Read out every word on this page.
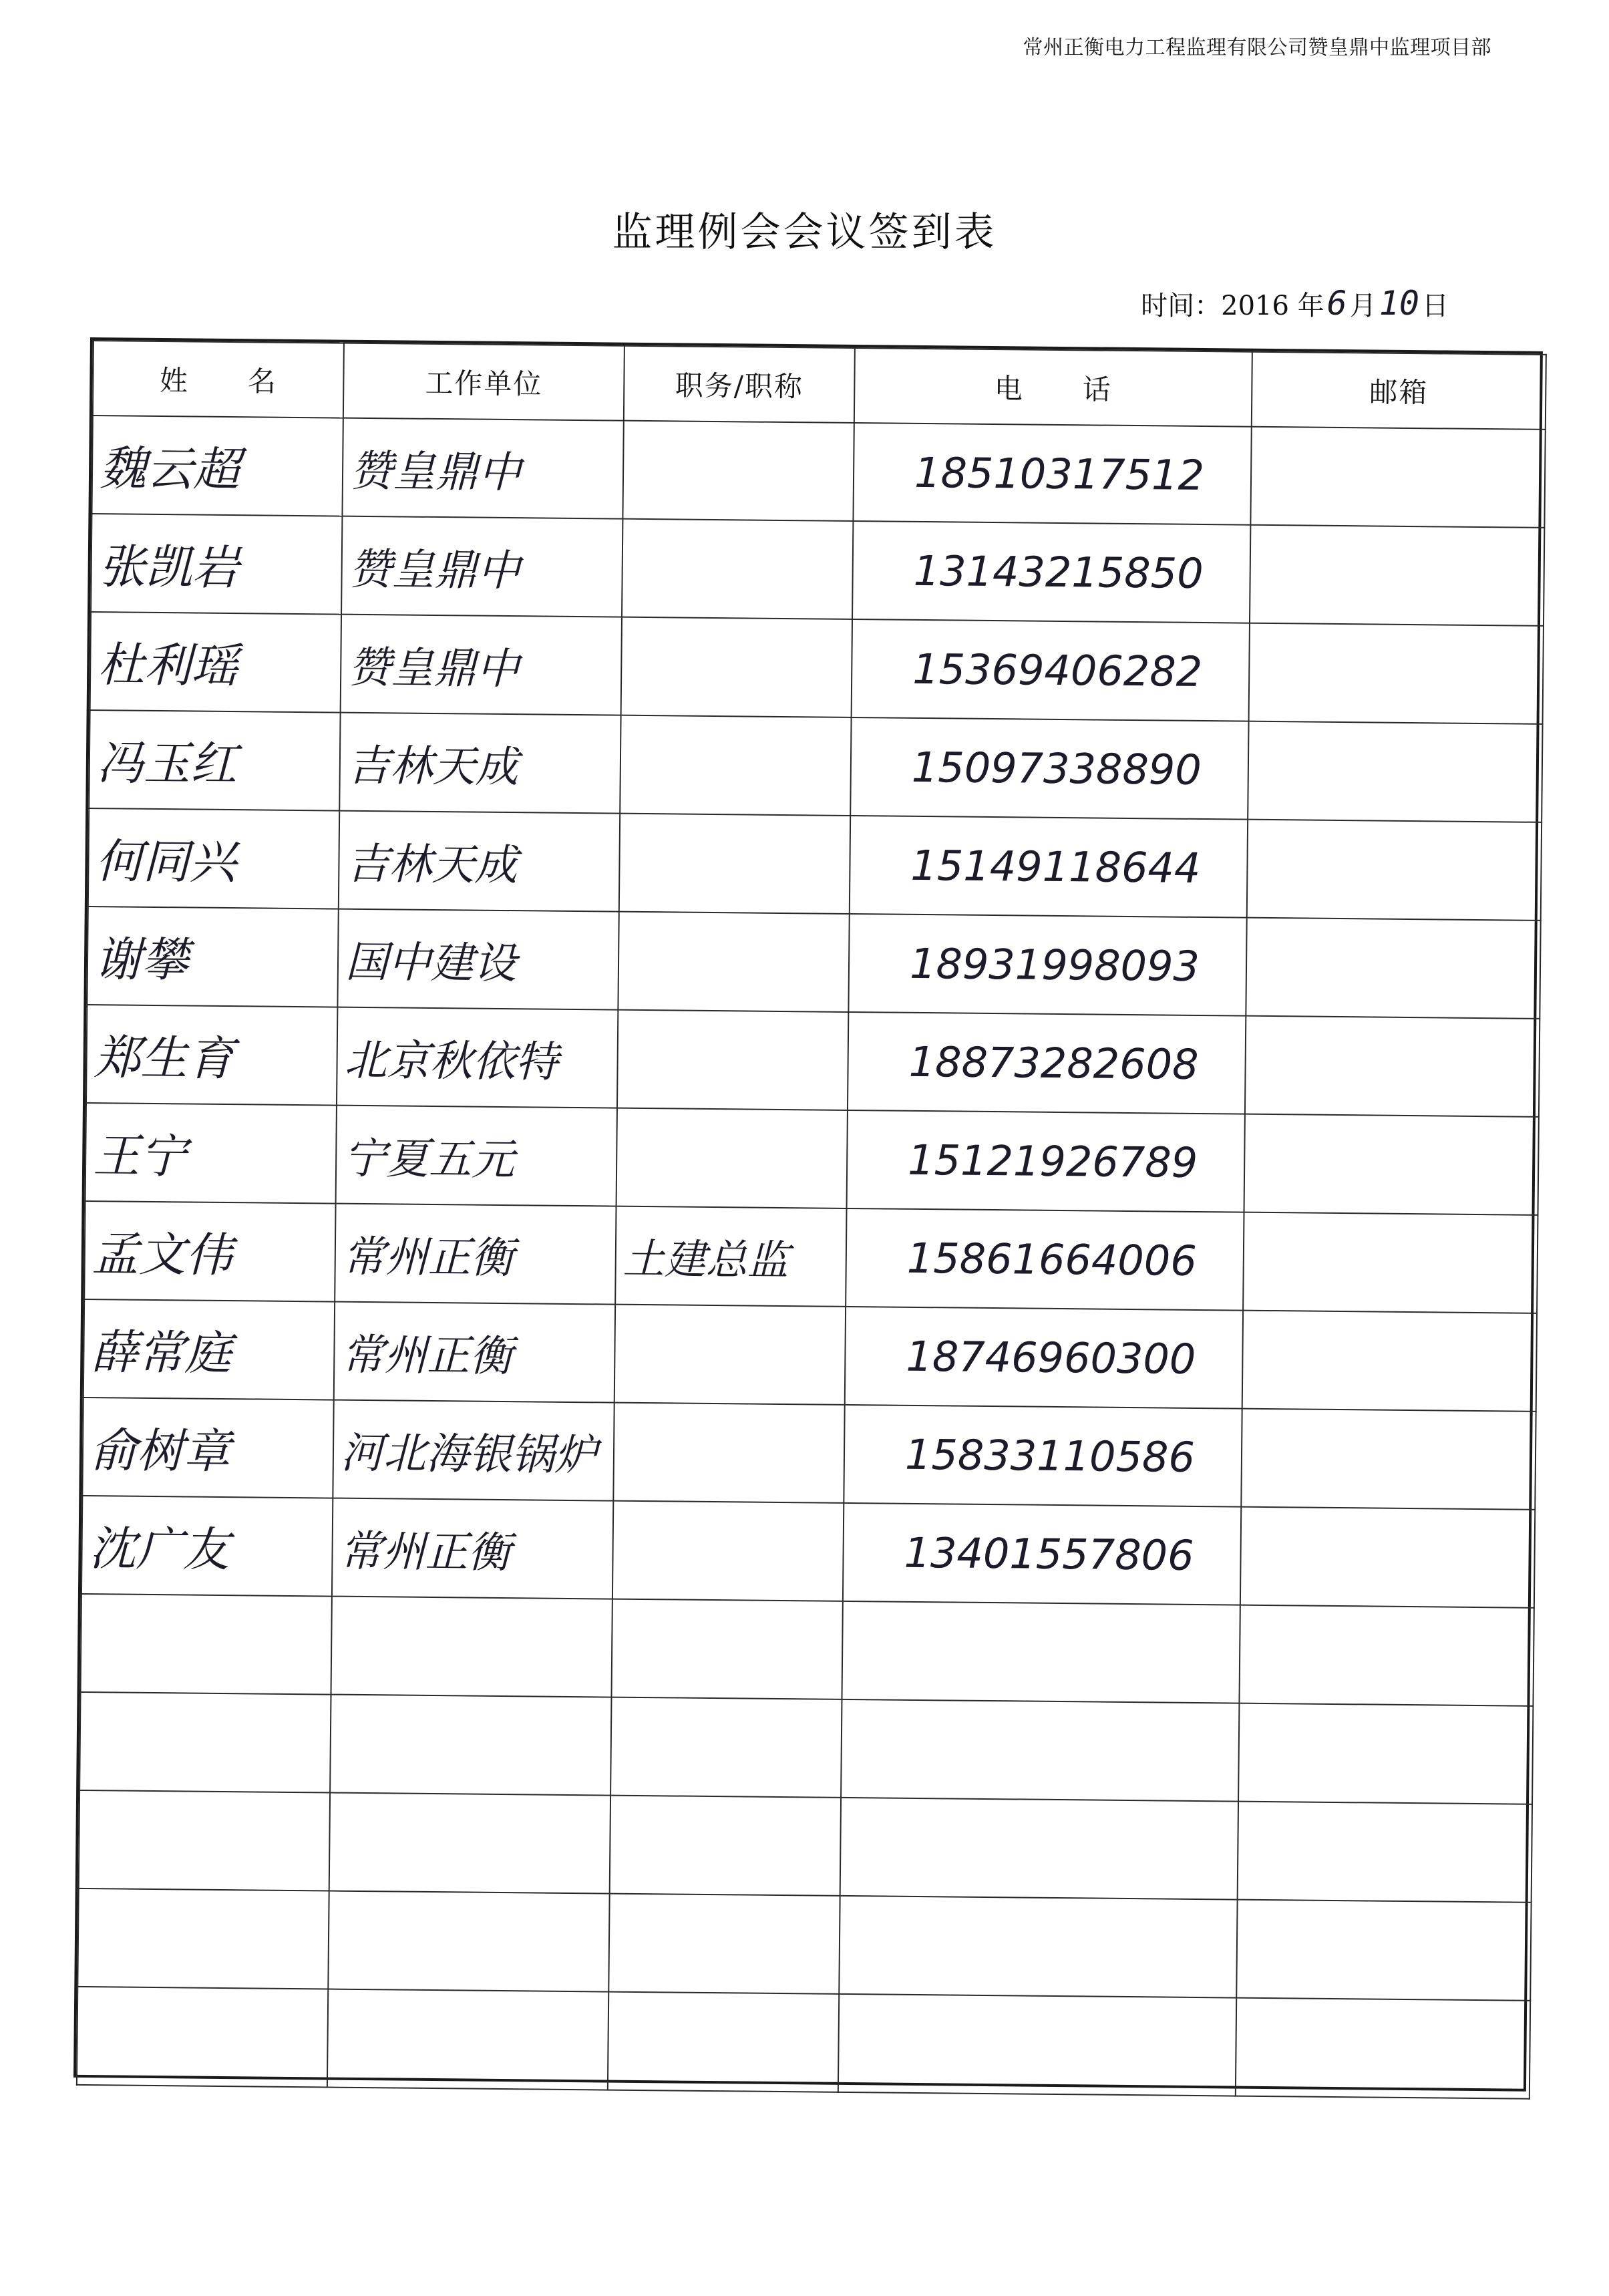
常州正衡电力工程监理有限公司赞皇鼎中监理项目部
监理例会会议签到表
时间：2016 年6 月10 日
姓　　名	工作单位	职务/职称	电　　话	邮箱
魏云超	赞皇鼎中		18510317512	
张凯岩	赞皇鼎中		13143215850	
杜利瑶	赞皇鼎中		15369406282	
冯玉红	吉林天成		15097338890	
何同兴	吉林天成		15149118644	
谢攀	国中建设		18931998093	
郑生育	北京秋依特		18873282608	
王宁	宁夏五元		15121926789	
孟文伟	常州正衡	土建总监	15861664006	
薛常庭	常州正衡		18746960300	
俞树章	河北海银锅炉		15833110586	
沈广友	常州正衡		13401557806	
